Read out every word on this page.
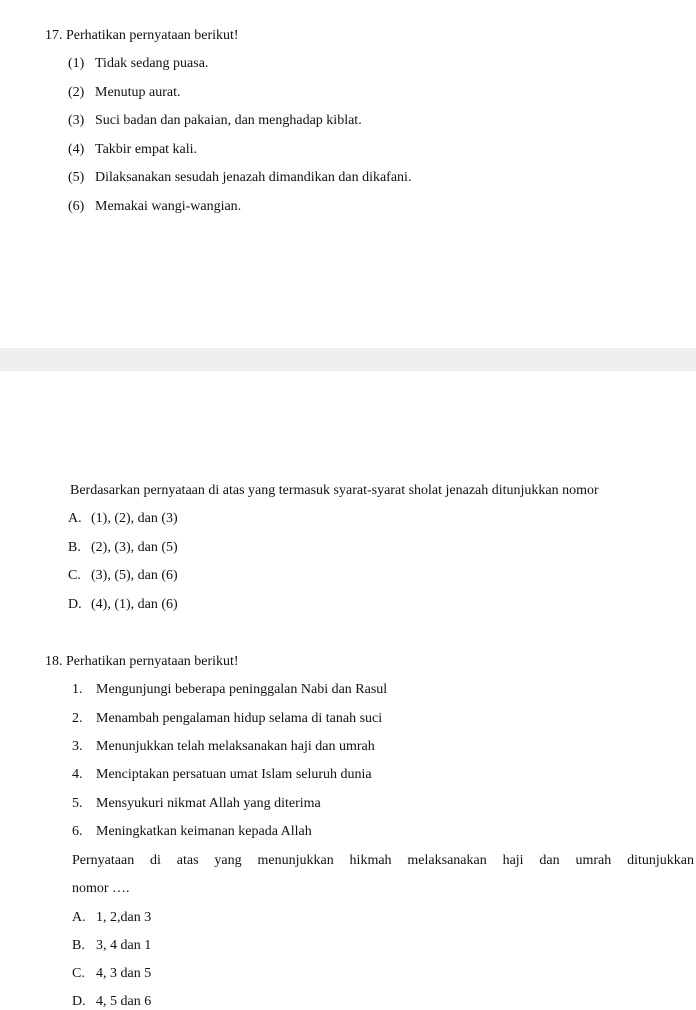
17. Perhatikan pernyataan berikut!
(1) Tidak sedang puasa.
(2) Menutup aurat.
(3) Suci badan dan pakaian, dan menghadap kiblat.
(4) Takbir empat kali.
(5) Dilaksanakan sesudah jenazah dimandikan dan dikafani.
(6) Memakai wangi-wangian.
Berdasarkan pernyataan di atas yang termasuk syarat-syarat sholat jenazah ditunjukkan nomor
A. (1), (2), dan (3)
B. (2), (3), dan (5)
C. (3), (5), dan (6)
D. (4), (1), dan (6)
18. Perhatikan pernyataan berikut!
1. Mengunjungi beberapa peninggalan Nabi dan Rasul
2. Menambah pengalaman hidup selama di tanah suci
3. Menunjukkan telah melaksanakan haji dan umrah
4. Menciptakan persatuan umat Islam seluruh dunia
5. Mensyukuri nikmat Allah yang diterima
6. Meningkatkan keimanan kepada Allah
Pernyataan di atas yang menunjukkan hikmah melaksanakan haji dan umrah ditunjukkan
nomor ….
A. 1, 2,dan 3
B. 3, 4 dan 1
C. 4, 3 dan 5
D. 4, 5 dan 6
